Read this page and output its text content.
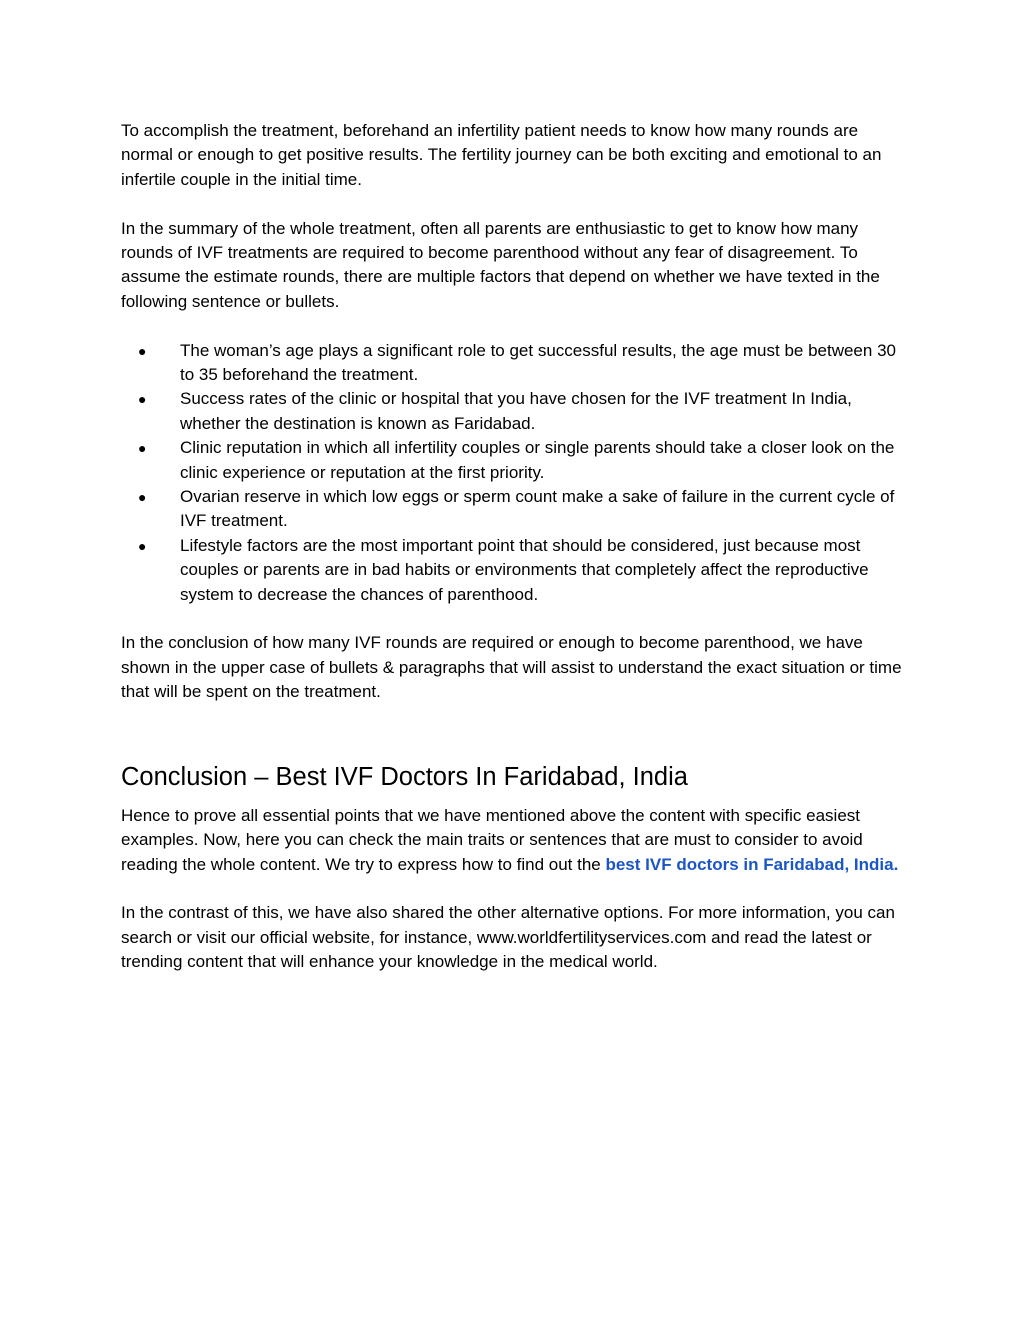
To accomplish the treatment, beforehand an infertility patient needs to know how many rounds are normal or enough to get positive results. The fertility journey can be both exciting and emotional to an infertile couple in the initial time.

In the summary of the whole treatment, often all parents are enthusiastic to get to know how many rounds of IVF treatments are required to become parenthood without any fear of disagreement. To assume the estimate rounds, there are multiple factors that depend on whether we have texted in the following sentence or bullets.

● The woman’s age plays a significant role to get successful results, the age must be between 30 to 35 beforehand the treatment.
● Success rates of the clinic or hospital that you have chosen for the IVF treatment In India, whether the destination is known as Faridabad.
● Clinic reputation in which all infertility couples or single parents should take a closer look on the clinic experience or reputation at the first priority.
● Ovarian reserve in which low eggs or sperm count make a sake of failure in the current cycle of IVF treatment.
● Lifestyle factors are the most important point that should be considered, just because most couples or parents are in bad habits or environments that completely affect the reproductive system to decrease the chances of parenthood.

In the conclusion of how many IVF rounds are required or enough to become parenthood, we have shown in the upper case of bullets & paragraphs that will assist to understand the exact situation or time that will be spent on the treatment.

Conclusion – Best IVF Doctors In Faridabad, India

Hence to prove all essential points that we have mentioned above the content with specific easiest examples. Now, here you can check the main traits or sentences that are must to consider to avoid reading the whole content. We try to express how to find out the best IVF doctors in Faridabad, India.

In the contrast of this, we have also shared the other alternative options. For more information, you can search or visit our official website, for instance, www.worldfertilityservices.com and read the latest or trending content that will enhance your knowledge in the medical world.
